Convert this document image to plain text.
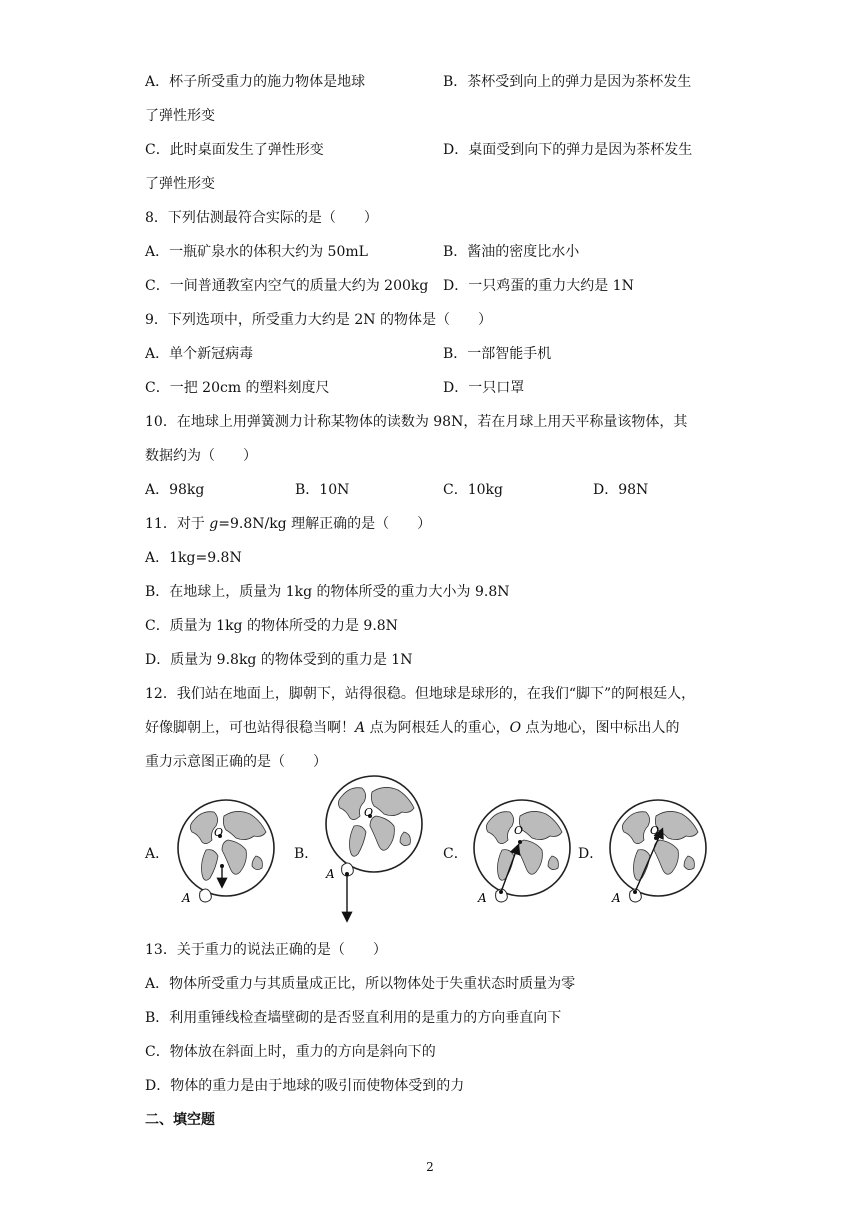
A．杯子所受重力的施力物体是地球	B．茶杯受到向上的弹力是因为茶杯发生
了弹性形变
C．此时桌面发生了弹性形变	D．桌面受到向下的弹力是因为茶杯发生
了弹性形变
8．下列估测最符合实际的是（　　）
A．一瓶矿泉水的体积大约为 50mL	B．酱油的密度比水小
C．一间普通教室内空气的质量大约为 200kg D．一只鸡蛋的重力大约是 1N
9．下列选项中，所受重力大约是 2N 的物体是（　　）
A．单个新冠病毒	B．一部智能手机
C．一把 20cm 的塑料刻度尺	D．一只口罩
10．在地球上用弹簧测力计称某物体的读数为 98N，若在月球上用天平称量该物体，其
数据约为（　　）
A．98kg	B．10N	C．10kg	D．98N
11．对于 g=9.8N/kg 理解正确的是（　　）
A．1kg=9.8N
B．在地球上，质量为 1kg 的物体所受的重力大小为 9.8N
C．质量为 1kg 的物体所受的力是 9.8N
D．质量为 9.8kg 的物体受到的重力是 1N
12．我们站在地面上，脚朝下，站得很稳。但地球是球形的，在我们“脚下”的阿根廷人，
好像脚朝上，可也站得很稳当啊！A 点为阿根廷人的重心，O 点为地心，图中标出人的
重力示意图正确的是（　　）
A．
O
A
B．
O
A
C．
O
A
D．
O
A
13．关于重力的说法正确的是（　　）
A．物体所受重力与其质量成正比，所以物体处于失重状态时质量为零
B．利用重锤线检查墙壁砌的是否竖直利用的是重力的方向垂直向下
C．物体放在斜面上时，重力的方向是斜向下的
D．物体的重力是由于地球的吸引而使物体受到的力
二、填空题
2
